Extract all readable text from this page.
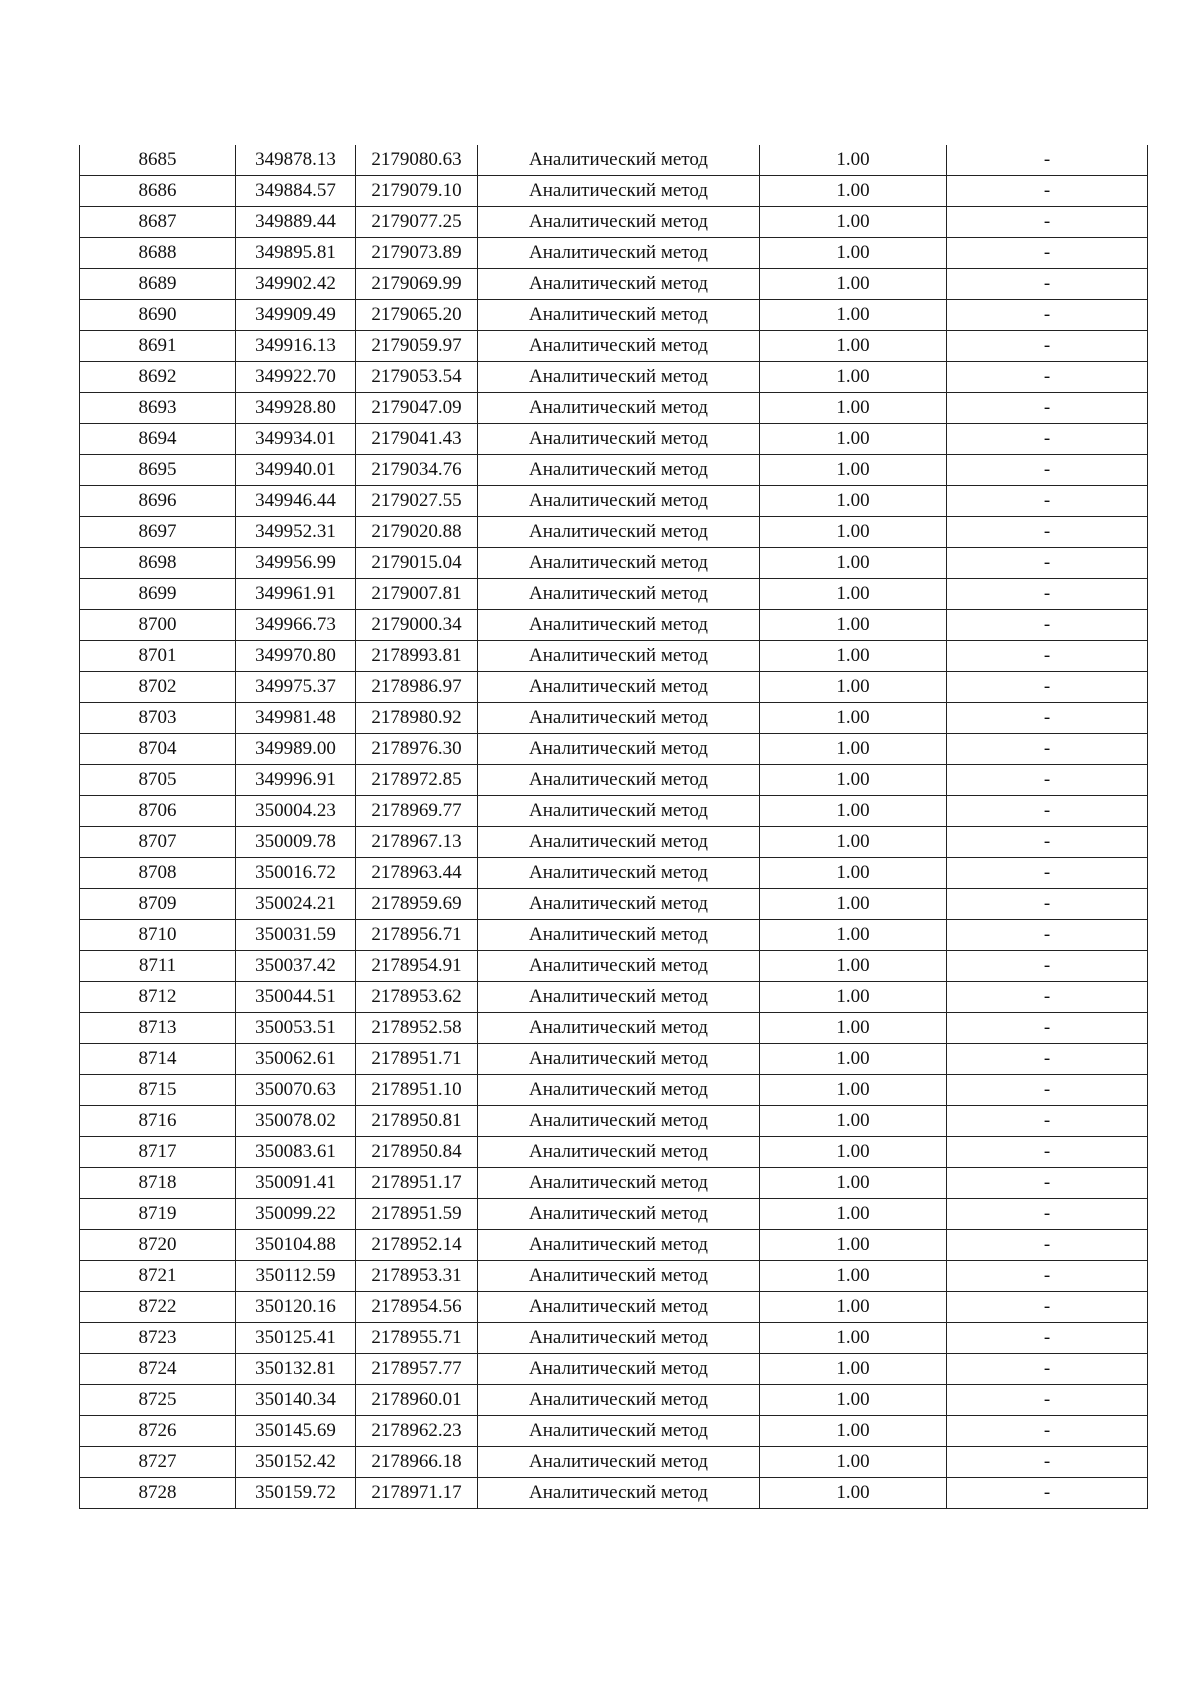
8685	349878.13	2179080.63	Аналитический метод	1.00	-
8686	349884.57	2179079.10	Аналитический метод	1.00	-
8687	349889.44	2179077.25	Аналитический метод	1.00	-
8688	349895.81	2179073.89	Аналитический метод	1.00	-
8689	349902.42	2179069.99	Аналитический метод	1.00	-
8690	349909.49	2179065.20	Аналитический метод	1.00	-
8691	349916.13	2179059.97	Аналитический метод	1.00	-
8692	349922.70	2179053.54	Аналитический метод	1.00	-
8693	349928.80	2179047.09	Аналитический метод	1.00	-
8694	349934.01	2179041.43	Аналитический метод	1.00	-
8695	349940.01	2179034.76	Аналитический метод	1.00	-
8696	349946.44	2179027.55	Аналитический метод	1.00	-
8697	349952.31	2179020.88	Аналитический метод	1.00	-
8698	349956.99	2179015.04	Аналитический метод	1.00	-
8699	349961.91	2179007.81	Аналитический метод	1.00	-
8700	349966.73	2179000.34	Аналитический метод	1.00	-
8701	349970.80	2178993.81	Аналитический метод	1.00	-
8702	349975.37	2178986.97	Аналитический метод	1.00	-
8703	349981.48	2178980.92	Аналитический метод	1.00	-
8704	349989.00	2178976.30	Аналитический метод	1.00	-
8705	349996.91	2178972.85	Аналитический метод	1.00	-
8706	350004.23	2178969.77	Аналитический метод	1.00	-
8707	350009.78	2178967.13	Аналитический метод	1.00	-
8708	350016.72	2178963.44	Аналитический метод	1.00	-
8709	350024.21	2178959.69	Аналитический метод	1.00	-
8710	350031.59	2178956.71	Аналитический метод	1.00	-
8711	350037.42	2178954.91	Аналитический метод	1.00	-
8712	350044.51	2178953.62	Аналитический метод	1.00	-
8713	350053.51	2178952.58	Аналитический метод	1.00	-
8714	350062.61	2178951.71	Аналитический метод	1.00	-
8715	350070.63	2178951.10	Аналитический метод	1.00	-
8716	350078.02	2178950.81	Аналитический метод	1.00	-
8717	350083.61	2178950.84	Аналитический метод	1.00	-
8718	350091.41	2178951.17	Аналитический метод	1.00	-
8719	350099.22	2178951.59	Аналитический метод	1.00	-
8720	350104.88	2178952.14	Аналитический метод	1.00	-
8721	350112.59	2178953.31	Аналитический метод	1.00	-
8722	350120.16	2178954.56	Аналитический метод	1.00	-
8723	350125.41	2178955.71	Аналитический метод	1.00	-
8724	350132.81	2178957.77	Аналитический метод	1.00	-
8725	350140.34	2178960.01	Аналитический метод	1.00	-
8726	350145.69	2178962.23	Аналитический метод	1.00	-
8727	350152.42	2178966.18	Аналитический метод	1.00	-
8728	350159.72	2178971.17	Аналитический метод	1.00	-
